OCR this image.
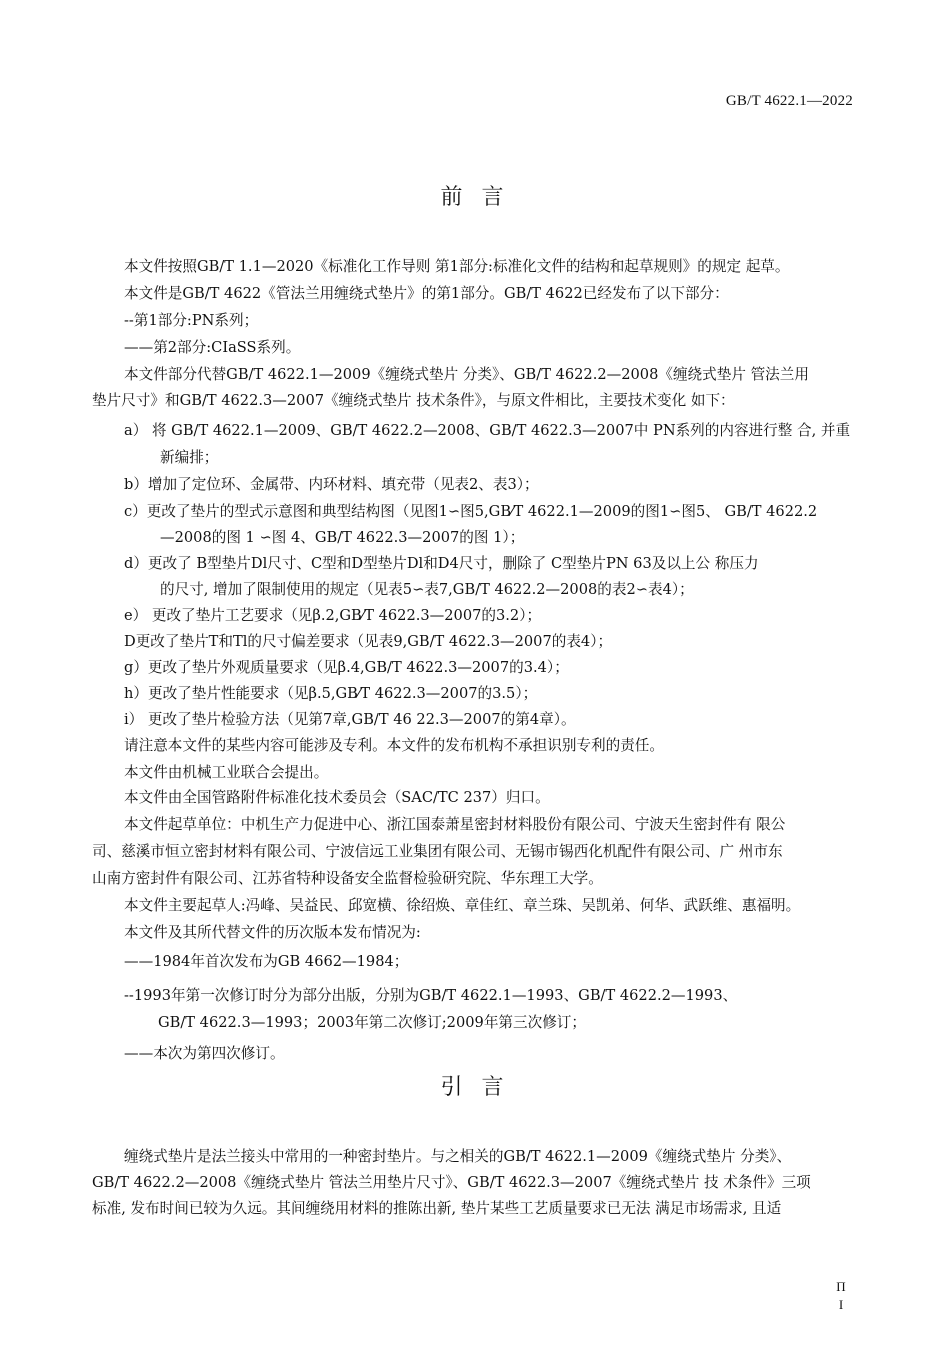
GB/T 4622.1—2022
前 言
本文件按照GB/T 1.1—2020《标准化工作导则 第1部分:标准化文件的结构和起草规则》的规定 起草。
本文件是GB/T 4622《管法兰用缠绕式垫片》的第1部分。GB/T 4622已经发布了以下部分：
--第1部分:PN系列；
——第2部分:CIaSS系列。
本文件部分代替GB/T 4622.1—2009《缠绕式垫片 分类》、GB/T 4622.2—2008《缠绕式垫片 管法兰用
垫片尺寸》和GB/T 4622.3—2007《缠绕式垫片 技术条件》，与原文件相比，主要技术变化 如下：
a） 将 GB/T 4622.1—2009、GB/T 4622.2—2008、GB/T 4622.3—2007中 PN系列的内容进行整 合, 并重
新编排；
b）增加了定位环、金属带、内环材料、填充带（见表2、表3）；
c）更改了垫片的型式示意图和典型结构图（见图1∽图5,GB⁄T 4622.1—2009的图1∽图5、 GB/T 4622.2
—2008的图 1 ∽图 4、GB/T 4622.3—2007的图 1）；
d）更改了 B型垫片Dl尺寸、C型和D型垫片Dl和D4尺寸，删除了 C型垫片PN 63及以上公 称压力
的尺寸, 增加了限制使用的规定（见表5∽表7,GB/T 4622.2—2008的表2∽表4）；
e） 更改了垫片工艺要求（见β.2,GB⁄T 4622.3—2007的3.2）；
D更改了垫片T和Tl的尺寸偏差要求（见表9,GB/T 4622.3—2007的表4）；
g）更改了垫片外观质量要求（见β.4,GB/T 4622.3—2007的3.4）；
h）更改了垫片性能要求（见β.5,GB⁄T 4622.3—2007的3.5）；
i） 更改了垫片检验方法（见第7章,GB/T 46 22.3—2007的第4章）。
请注意本文件的某些内容可能涉及专利。本文件的发布机构不承担识别专利的责任。
本文件由机械工业联合会提出。
本文件由全国管路附件标准化技术委员会（SAC/TC 237）归口。
本文件起草单位：中机生产力促进中心、浙江国泰萧星密封材料股份有限公司、宁波天生密封件有 限公
司、慈溪市恒立密封材料有限公司、宁波信远工业集团有限公司、无锡市锡西化机配件有限公司、广 州市东
山南方密封件有限公司、江苏省特种设备安全监督检验研究院、华东理工大学。
本文件主要起草人:冯峰、吴益民、邱宽横、徐绍焕、章佳红、章兰珠、吴凯弟、何华、武跃维、惠福明。
本文件及其所代替文件的历次版本发布情况为:
——1984年首次发布为GB 4662—1984；
--1993年第一次修订时分为部分出版，分别为GB/T 4622.1—1993、GB/T 4622.2—1993、
GB/T 4622.3—1993；2003年第二次修订;2009年第三次修订；
——本次为第四次修订。
引 言
缠绕式垫片是法兰接头中常用的一种密封垫片。与之相关的GB/T 4622.1—2009《缠绕式垫片 分类》、
GB/T 4622.2—2008《缠绕式垫片 管法兰用垫片尺寸》、GB/T 4622.3—2007《缠绕式垫片 技 术条件》三项
标准, 发布时间已较为久远。其间缠绕用材料的推陈出新, 垫片某些工艺质量要求已无法 满足市场需求, 且适
Π
I
